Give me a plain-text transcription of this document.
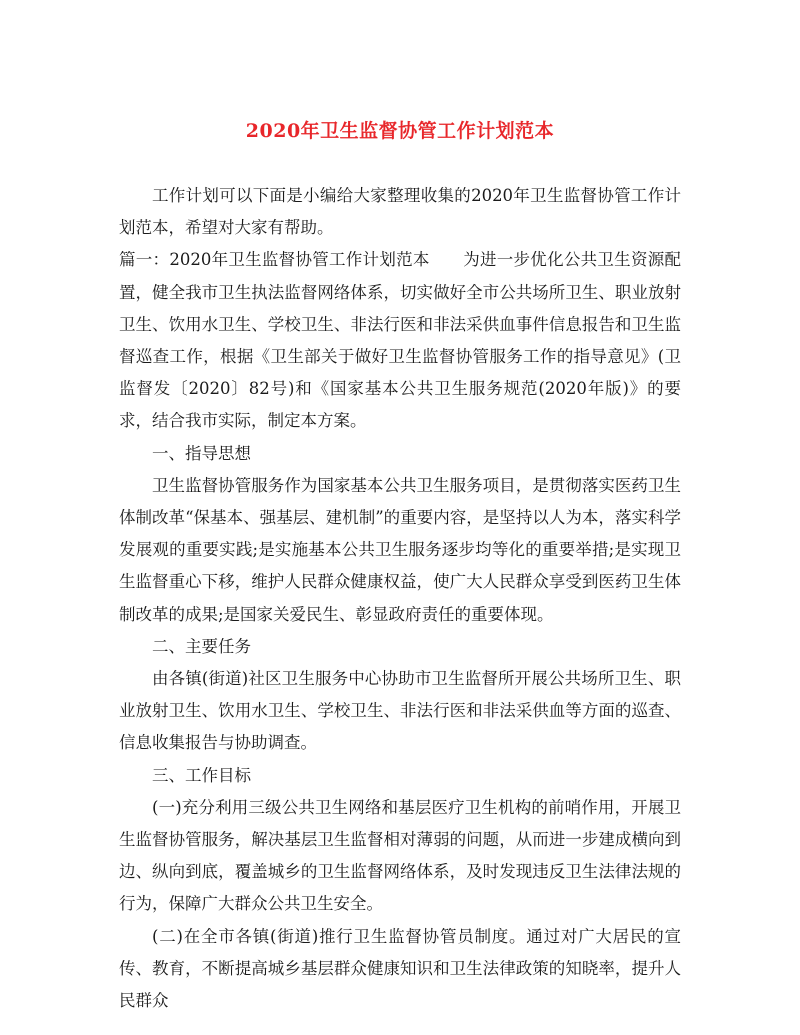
2020年卫生监督协管工作计划范本

工作计划可以下面是小编给大家整理收集的2020年卫生监督协管工作计划范本，希望对大家有帮助。

篇一：2020年卫生监督协管工作计划范本　　为进一步优化公共卫生资源配置，健全我市卫生执法监督网络体系，切实做好全市公共场所卫生、职业放射卫生、饮用水卫生、学校卫生、非法行医和非法采供血事件信息报告和卫生监督巡查工作，根据《卫生部关于做好卫生监督协管服务工作的指导意见》(卫监督发〔2020〕82号)和《国家基本公共卫生服务规范(2020年版)》的要求，结合我市实际，制定本方案。

一、指导思想

卫生监督协管服务作为国家基本公共卫生服务项目，是贯彻落实医药卫生体制改革“保基本、强基层、建机制”的重要内容，是坚持以人为本，落实科学发展观的重要实践;是实施基本公共卫生服务逐步均等化的重要举措;是实现卫生监督重心下移，维护人民群众健康权益，使广大人民群众享受到医药卫生体制改革的成果;是国家关爱民生、彰显政府责任的重要体现。

二、主要任务

由各镇(街道)社区卫生服务中心协助市卫生监督所开展公共场所卫生、职业放射卫生、饮用水卫生、学校卫生、非法行医和非法采供血等方面的巡查、信息收集报告与协助调查。

三、工作目标

(一)充分利用三级公共卫生网络和基层医疗卫生机构的前哨作用，开展卫生监督协管服务，解决基层卫生监督相对薄弱的问题，从而进一步建成横向到边、纵向到底，覆盖城乡的卫生监督网络体系，及时发现违反卫生法律法规的行为，保障广大群众公共卫生安全。

(二)在全市各镇(街道)推行卫生监督协管员制度。通过对广大居民的宣传、教育，不断提高城乡基层群众健康知识和卫生法律政策的知晓率，提升人民群众
